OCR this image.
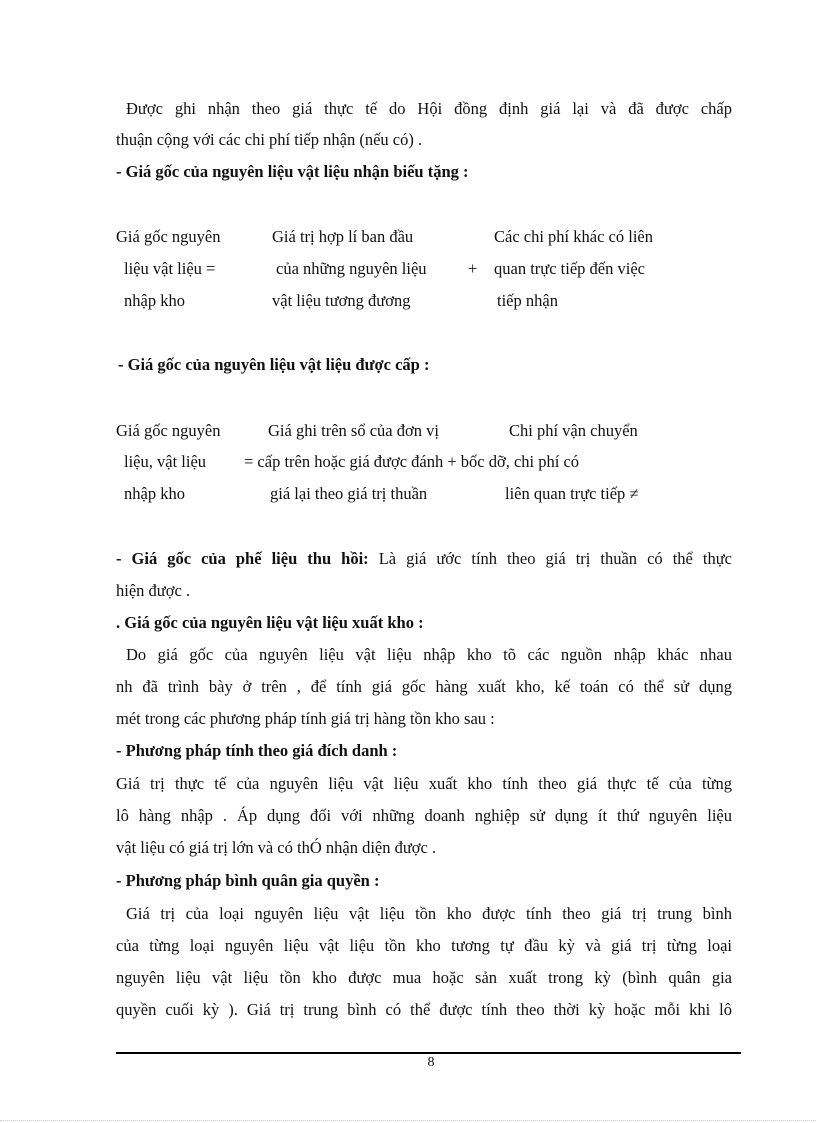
Được ghi nhận theo giá thực tế do Hội đồng định giá lại và đã được chấp
thuận cộng với các chi phí tiếp nhận (nếu có) .
- Giá gốc của nguyên liệu vật liệu nhận biếu tặng :
Giá gốc nguyên
liệu vật liệu =
nhập kho
Giá trị hợp lí ban đầu
của những nguyên liệu
vật liệu tương đương
+
Các chi phí khác có liên
quan trực tiếp đến việc
tiếp nhận
- Giá gốc của nguyên liệu vật liệu được cấp :
Giá gốc nguyên
liệu, vật liệu
nhập kho
Giá ghi trên sổ của đơn vị
= cấp trên hoặc giá được đánh + bốc dỡ, chi phí có
giá lại theo giá trị thuần
Chi phí vận chuyển
liên quan trực tiếp ≠
- Giá gốc của phế liệu thu hồi: Là giá ước tính theo giá trị thuần có thể thực
hiện được .
. Giá gốc của nguyên liệu vật liệu xuất kho :
Do giá gốc của nguyên liệu vật liệu nhập kho tõ các nguồn nhập khác nhau
nh đã trình bày ở trên , để tính giá gốc hàng xuất kho, kế toán có thể sử dụng
mét trong các phương pháp tính giá trị hàng tồn kho sau :
- Phương pháp tính theo giá đích danh :
Giá trị thực tế của nguyên liệu vật liệu xuất kho tính theo giá thực tế của từng
lô hàng nhập . Áp dụng đối với những doanh nghiệp sử dụng ít thứ nguyên liệu
vật liệu có giá trị lớn và có thÓ nhận diện được .
- Phương pháp bình quân gia quyền :
Giá trị của loại nguyên liệu vật liệu tồn kho được tính theo giá trị trung bình
của từng loại nguyên liệu vật liệu tồn kho tương tự đầu kỳ và giá trị từng loại
nguyên liệu vật liệu tồn kho được mua hoặc sản xuất trong kỳ (bình quân gia
quyền cuối kỳ ). Giá trị trung bình có thể được tính theo thời kỳ hoặc mỗi khi lô
8
